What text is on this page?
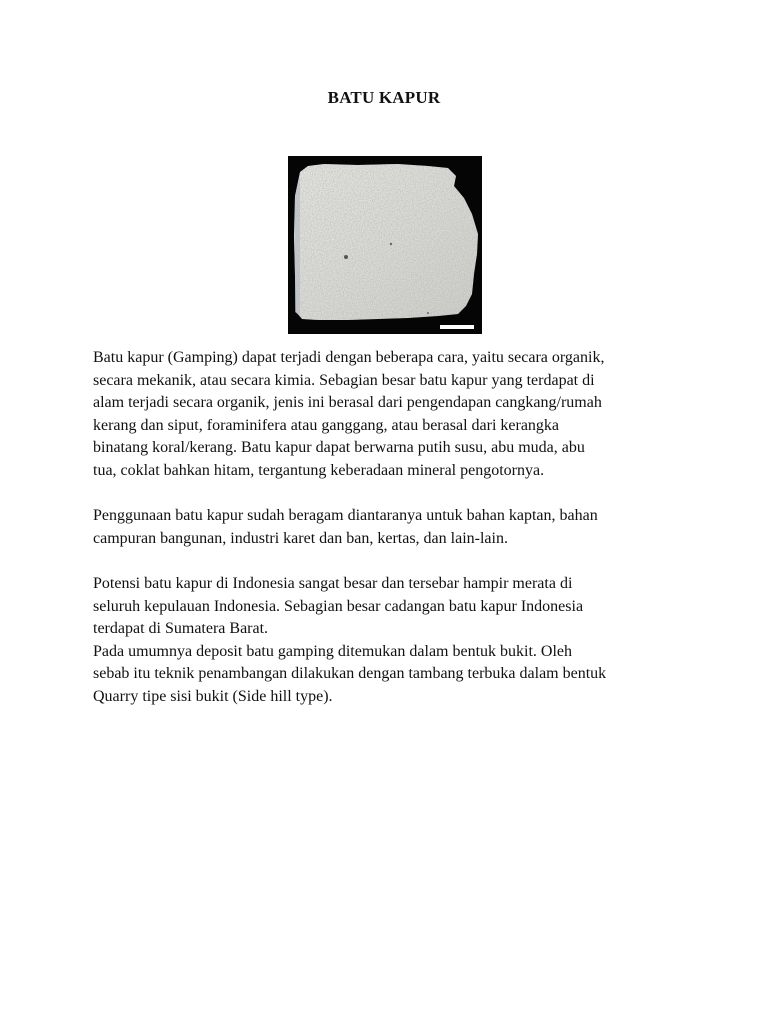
BATU KAPUR

Batu kapur (Gamping) dapat terjadi dengan beberapa cara, yaitu secara organik,

secara mekanik, atau secara kimia. Sebagian besar batu kapur yang terdapat di

alam terjadi secara organik, jenis ini berasal dari pengendapan cangkang/rumah

kerang dan siput, foraminifera atau ganggang, atau berasal dari kerangka

binatang koral/kerang. Batu kapur dapat berwarna putih susu, abu muda, abu

tua, coklat bahkan hitam, tergantung keberadaan mineral pengotornya.

Penggunaan batu kapur sudah beragam diantaranya untuk bahan kaptan, bahan

campuran bangunan, industri karet dan ban, kertas, dan lain-lain.

Potensi batu kapur di Indonesia sangat besar dan tersebar hampir merata di

seluruh kepulauan Indonesia. Sebagian besar cadangan batu kapur Indonesia

terdapat di Sumatera Barat.

Pada umumnya deposit batu gamping ditemukan dalam bentuk bukit. Oleh

sebab itu teknik penambangan dilakukan dengan tambang terbuka dalam bentuk

Quarry tipe sisi bukit (Side hill type).
